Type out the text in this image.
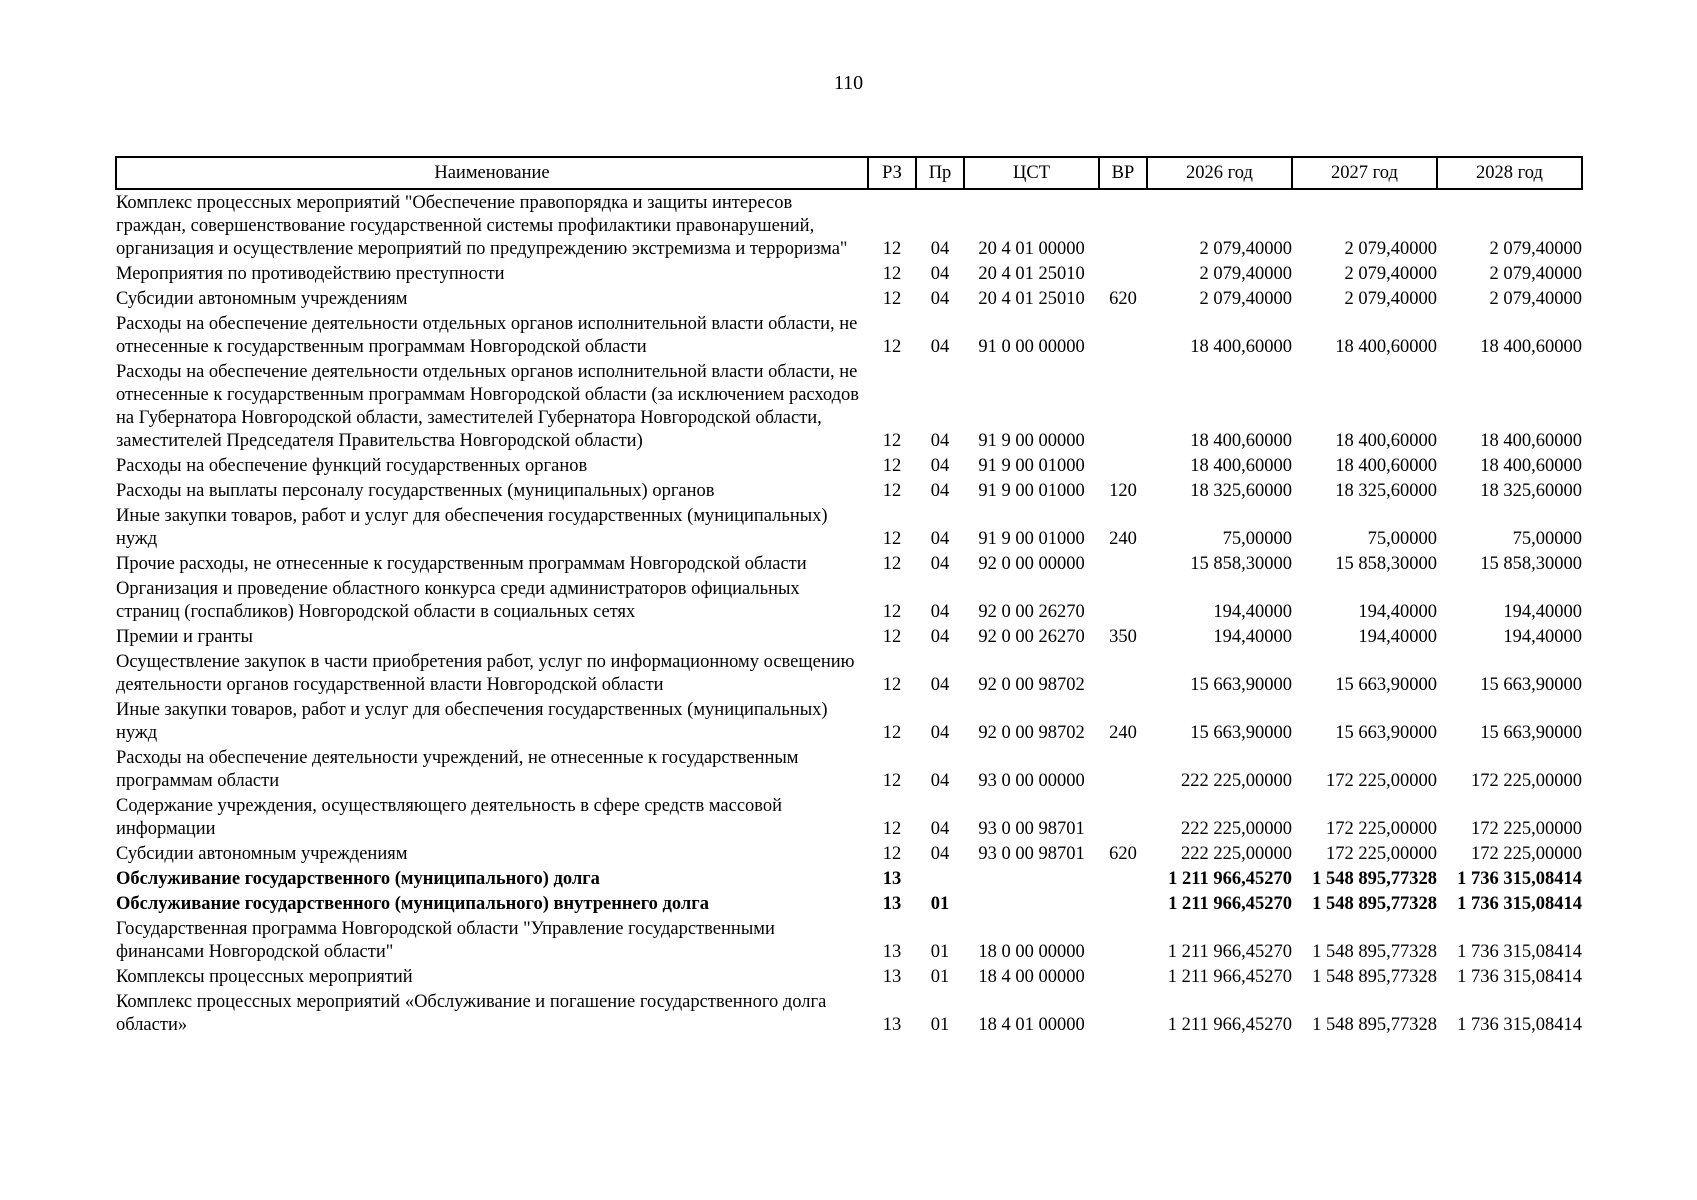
110
Наименование	РЗ	Пр	ЦСТ	ВР	2026 год	2027 год	2028 год
Комплекс процессных мероприятий "Обеспечение правопорядка и защиты интересов граждан, совершенствование государственной системы профилактики правонарушений, организация и осуществление мероприятий по предупреждению экстремизма и терроризма"	12	04	20 4 01 00000		2 079,40000	2 079,40000	2 079,40000
Мероприятия по противодействию преступности	12	04	20 4 01 25010		2 079,40000	2 079,40000	2 079,40000
Субсидии автономным учреждениям	12	04	20 4 01 25010	620	2 079,40000	2 079,40000	2 079,40000
Расходы на обеспечение деятельности отдельных органов исполнительной власти области, не отнесенные к государственным программам Новгородской области	12	04	91 0 00 00000		18 400,60000	18 400,60000	18 400,60000
Расходы на обеспечение деятельности отдельных органов исполнительной власти области, не отнесенные к государственным программам Новгородской области (за исключением расходов на Губернатора Новгородской области, заместителей Губернатора Новгородской области, заместителей Председателя Правительства Новгородской области)	12	04	91 9 00 00000		18 400,60000	18 400,60000	18 400,60000
Расходы на обеспечение функций государственных органов	12	04	91 9 00 01000		18 400,60000	18 400,60000	18 400,60000
Расходы на выплаты персоналу государственных (муниципальных) органов	12	04	91 9 00 01000	120	18 325,60000	18 325,60000	18 325,60000
Иные закупки товаров, работ и услуг для обеспечения государственных (муниципальных) нужд	12	04	91 9 00 01000	240	75,00000	75,00000	75,00000
Прочие расходы, не отнесенные к государственным программам Новгородской области	12	04	92 0 00 00000		15 858,30000	15 858,30000	15 858,30000
Организация и проведение областного конкурса среди администраторов официальных страниц (госпабликов) Новгородской области в социальных сетях	12	04	92 0 00 26270		194,40000	194,40000	194,40000
Премии и гранты	12	04	92 0 00 26270	350	194,40000	194,40000	194,40000
Осуществление закупок в части приобретения работ, услуг по информационному освещению деятельности органов государственной власти Новгородской области	12	04	92 0 00 98702		15 663,90000	15 663,90000	15 663,90000
Иные закупки товаров, работ и услуг для обеспечения государственных (муниципальных) нужд	12	04	92 0 00 98702	240	15 663,90000	15 663,90000	15 663,90000
Расходы на обеспечение деятельности учреждений, не отнесенные к государственным программам области	12	04	93 0 00 00000		222 225,00000	172 225,00000	172 225,00000
Содержание учреждения, осуществляющего деятельность в сфере средств массовой информации	12	04	93 0 00 98701		222 225,00000	172 225,00000	172 225,00000
Субсидии автономным учреждениям	12	04	93 0 00 98701	620	222 225,00000	172 225,00000	172 225,00000
Обслуживание государственного (муниципального) долга	13				1 211 966,45270	1 548 895,77328	1 736 315,08414
Обслуживание государственного (муниципального) внутреннего долга	13	01			1 211 966,45270	1 548 895,77328	1 736 315,08414
Государственная программа Новгородской области "Управление государственными финансами Новгородской области"	13	01	18 0 00 00000		1 211 966,45270	1 548 895,77328	1 736 315,08414
Комплексы процессных мероприятий	13	01	18 4 00 00000		1 211 966,45270	1 548 895,77328	1 736 315,08414
Комплекс процессных мероприятий «Обслуживание и погашение государственного долга области»	13	01	18 4 01 00000		1 211 966,45270	1 548 895,77328	1 736 315,08414
